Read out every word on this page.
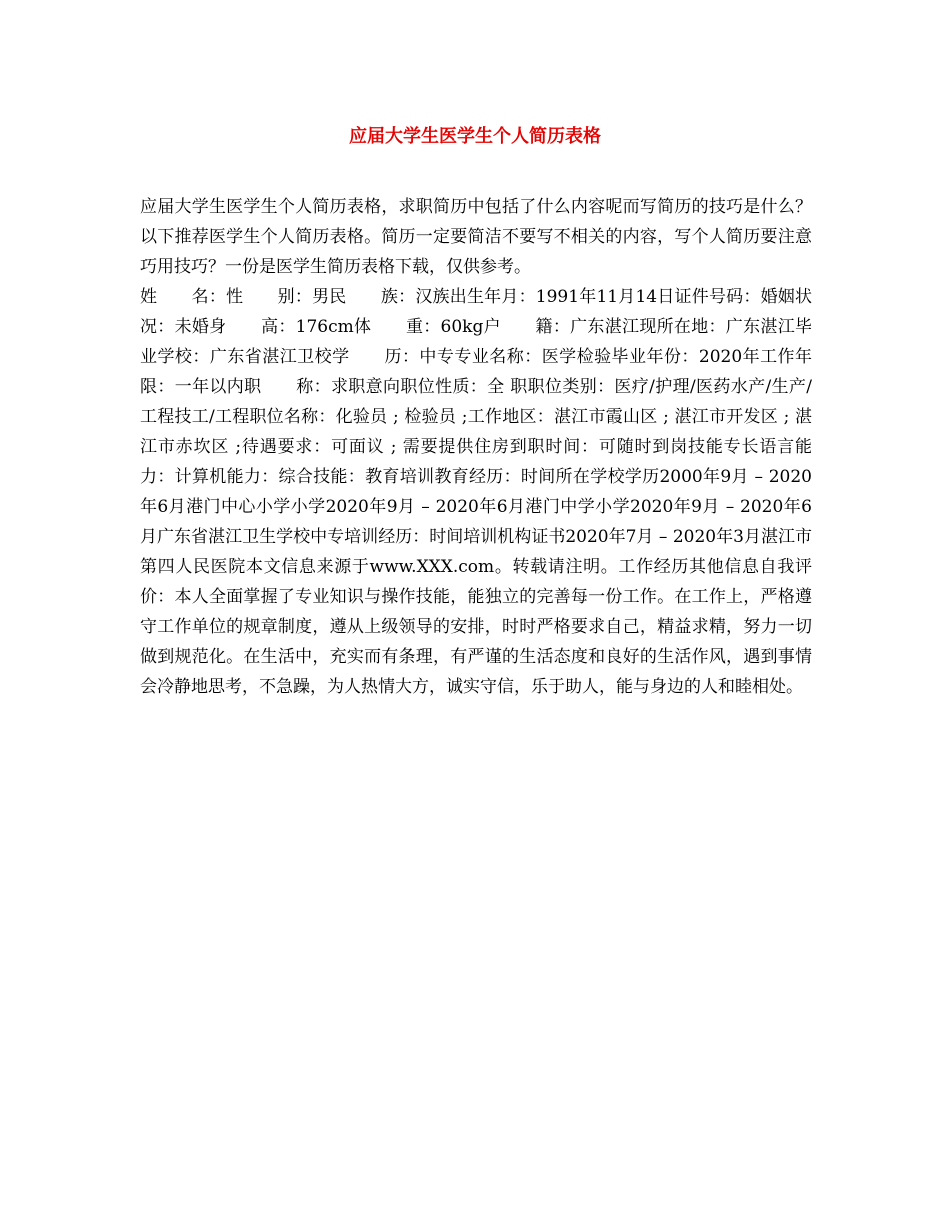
应届大学生医学生个人简历表格

应届大学生医学生个人简历表格，求职简历中包括了什么内容呢而写简历的技巧是什么？以下推荐医学生个人简历表格。简历一定要简洁不要写不相关的内容，写个人简历要注意巧用技巧？一份是医学生简历表格下载，仅供参考。

姓　　名：性　　别：男民　　族：汉族出生年月：1991年11月14日证件号码：婚姻状况：未婚身　　高：176cm体　　重：60kg户　　籍：广东湛江现所在地：广东湛江毕业学校：广东省湛江卫校学　　历：中专专业名称：医学检验毕业年份：2020年工作年限：一年以内职　　称：求职意向职位性质：全 职职位类别：医疗/护理/医药水产/生产/工程技工/工程职位名称：化验员 ; 检验员 ;工作地区：湛江市霞山区 ; 湛江市开发区 ; 湛江市赤坎区 ;待遇要求：可面议 ; 需要提供住房到职时间：可随时到岗技能专长语言能力：计算机能力：综合技能：教育培训教育经历：时间所在学校学历2000年9月 – 2020年6月港门中心小学小学2020年9月 – 2020年6月港门中学小学2020年9月 – 2020年6月广东省湛江卫生学校中专培训经历：时间培训机构证书2020年7月 – 2020年3月湛江市第四人民医院本文信息来源于www.XXX.com。转载请注明。工作经历其他信息自我评价：本人全面掌握了专业知识与操作技能，能独立的完善每一份工作。在工作上，严格遵守工作单位的规章制度，遵从上级领导的安排，时时严格要求自己，精益求精，努力一切做到规范化。在生活中，充实而有条理，有严谨的生活态度和良好的生活作风，遇到事情会冷静地思考，不急躁，为人热情大方，诚实守信，乐于助人，能与身边的人和睦相处。
